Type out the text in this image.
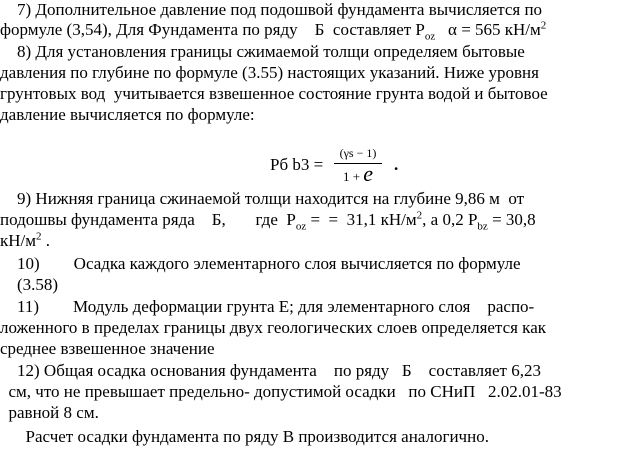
7) Дополнительное давление под подошвой фундамента вычисляется по
формуле (3,54), Для Фундамента по ряду    Б  составляет $P_{oz}$   α = 565 $кН/м^2$
8) Для установления границы сжимаемой толщи определяем бытовые
давления по глубине по формуле (3.55) настоящих указаний. Ниже уровня
грунтовых вод  учитывается взвешенное состояние грунта водой и бытовое
давление вычисляется по формуле:
Pб b3 =
(γs − 1)
1 + e	.
9) Нижняя граница сжинаемой толщи находится на глубине 9,86 м  от
подошвы фундамента ряда    Б,       где  $P_{oz}$ =  =  31,1 $кН/м^2$, а 0,2 $P_{bz} = 30,8$
$кН/м^2$ .
10)        Осадка каждого элементарного слоя вычисляется по формуле
(3.58)
11)        Модуль деформации грунта Е; для элементарного слоя    распо-
ложенного в пределах границы двух геологических слоев определяется как
среднее взвешенное значение
12) Общая осадка основания фундамента    по ряду   Б    составляет 6,23
см, что не превышает предельно- допустимой осадки   по СНиП   2.02.01-83
равной 8 см.
Расчет осадки фундамента по ряду В производится аналогично.
